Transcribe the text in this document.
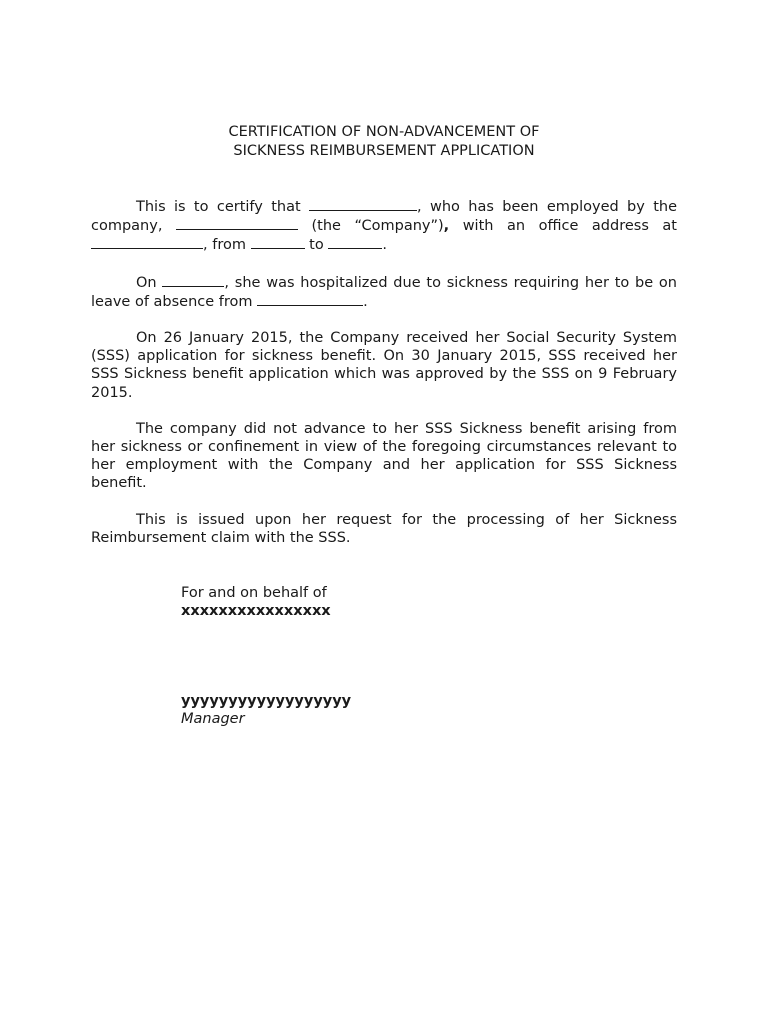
CERTIFICATION OF NON-ADVANCEMENT OF
SICKNESS REIMBURSEMENT APPLICATION

This is to certify that	, who has been employed by the company,	(the “Company”), with an office address at , from	to	.

On	, she was hospitalized due to sickness requiring her to be on leave of absence from	.

On 26 January 2015, the Company received her Social Security System (SSS) application for sickness benefit. On 30 January 2015, SSS received her SSS Sickness benefit application which was approved by the SSS on 9 February 2015.

The company did not advance to her SSS Sickness benefit arising from her sickness or confinement in view of the foregoing circumstances relevant to her employment with the Company and her application for SSS Sickness benefit.

This is issued upon her request for the processing of her Sickness Reimbursement claim with the SSS.

For and on behalf of
xxxxxxxxxxxxxxxx
yyyyyyyyyyyyyyyyyy
Manager
